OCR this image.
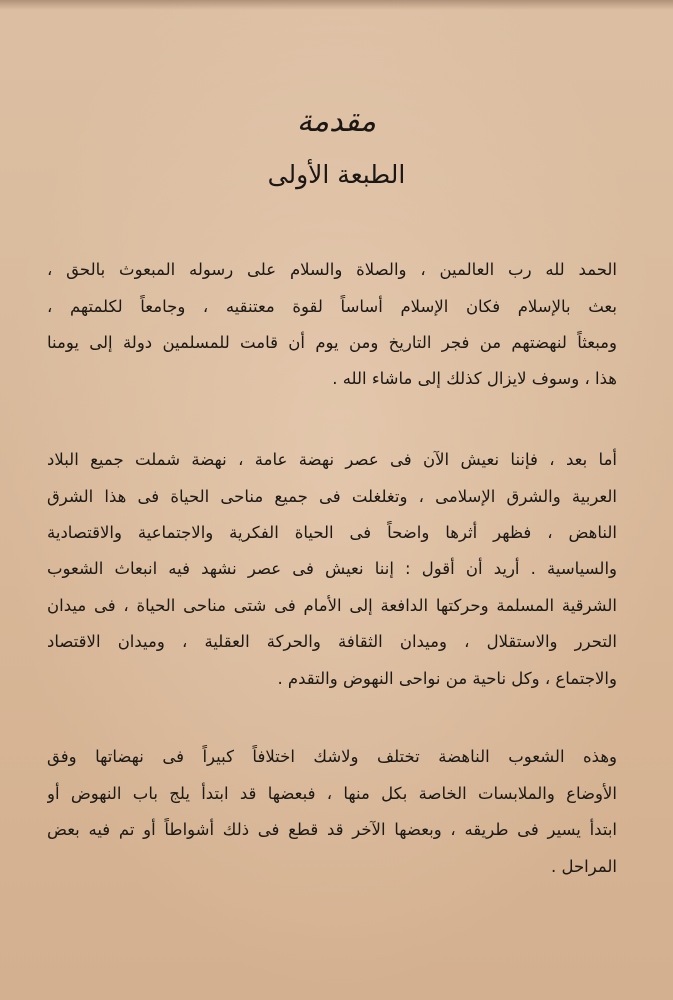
مقدمة
الطبعة الأولى
الحمد لله رب العالمين ، والصلاة والسلام على رسوله المبعوث بالحق ،
بعث بالإسلام فكان الإسلام أساساً لقوة معتنقيه ، وجامعاً لكلمتهم ،
ومبعثاً لنهضتهم من فجر التاريخ ومن يوم أن قامت للمسلمين دولة إلى يومنا
هذا ، وسوف لايزال كذلك إلى ماشاء الله .
أما بعد ، فإننا نعيش الآن فى عصر نهضة عامة ، نهضة شملت جميع البلاد
العربية والشرق الإسلامى ، وتغلغلت فى جميع مناحى الحياة فى هذا الشرق
الناهض ، فظهر أثرها واضحاً فى الحياة الفكرية والاجتماعية والاقتصادية
والسياسية . أريد أن أقول : إننا نعيش فى عصر نشهد فيه انبعاث الشعوب
الشرقية المسلمة وحركتها الدافعة إلى الأمام فى شتى مناحى الحياة ، فى ميدان
التحرر والاستقلال ، وميدان الثقافة والحركة العقلية ، وميدان الاقتصاد
والاجتماع ، وكل ناحية من نواحى النهوض والتقدم .
وهذه الشعوب الناهضة تختلف ولاشك اختلافاً كبيراً فى نهضاتها وفق
الأوضاع والملابسات الخاصة بكل منها ، فبعضها قد ابتدأ يلج باب النهوض أو
ابتدأ يسير فى طريقه ، وبعضها الآخر قد قطع فى ذلك أشواطاً أو تم فيه بعض
المراحل .
